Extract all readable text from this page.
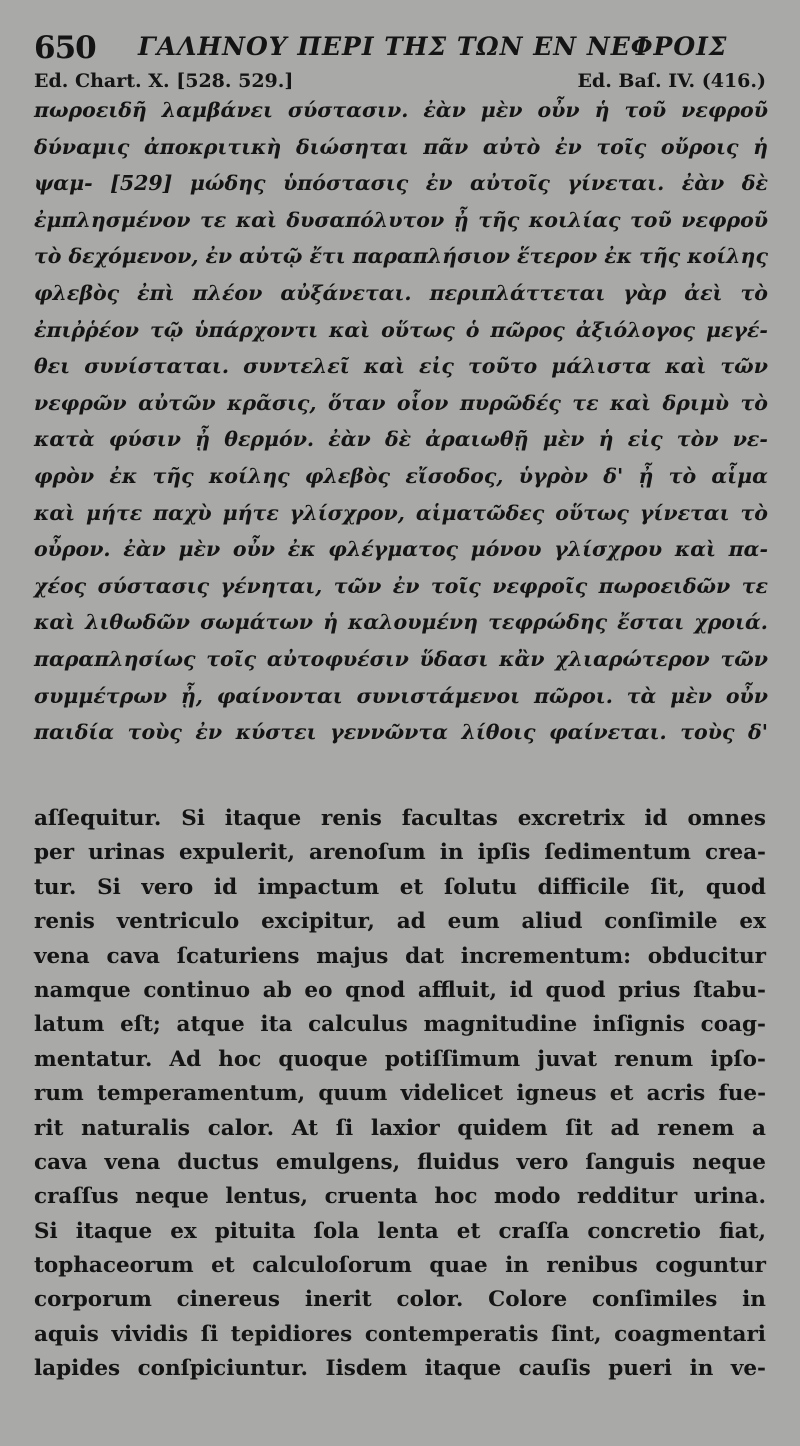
650 ΓΑΛΗΝΟΥ ΠΕΡΙ ΤΗΣ ΤΩΝ ΕΝ ΝΕΦΡΟΙΣ
Ed. Chart. X. [528. 529.]	Ed. Baſ. IV. (416.)
πωροειδῆ λαμβάνει σύστασιν. ἐὰν μὲν οὖν ἡ τοῦ νεφροῦ
δύναμις ἀποκριτικὴ διώσηται πᾶν αὐτὸ ἐν τοῖς οὔροις ἡ
ψαμ- [529] μώδης ὑπόστασις ἐν αὐτοῖς γίνεται. ἐὰν δὲ
ἐμπλησμένον τε καὶ δυσαπόλυτον ᾖ τῆς κοιλίας τοῦ νεφροῦ
τὸ δεχόμενον, ἐν αὐτῷ ἔτι παραπλήσιον ἕτερον ἐκ τῆς κοίλης
φλεβὸς ἐπὶ πλέον αὐξάνεται. περιπλάττεται γὰρ ἀεὶ τὸ
ἐπιῤῥέον τῷ ὑπάρχοντι καὶ οὕτως ὁ πῶρος ἀξιόλογος μεγέ-
θει συνίσταται. συντελεῖ καὶ εἰς τοῦτο μάλιστα καὶ τῶν
νεφρῶν αὐτῶν κρᾶσις, ὅταν οἷον πυρῶδές τε καὶ δριμὺ τὸ
κατὰ φύσιν ᾖ θερμόν. ἐὰν δὲ ἀραιωθῇ μὲν ἡ εἰς τὸν νε-
φρὸν ἐκ τῆς κοίλης φλεβὸς εἴσοδος, ὑγρὸν δ' ᾖ τὸ αἷμα
καὶ μήτε παχὺ μήτε γλίσχρον, αἱματῶδες οὕτως γίνεται τὸ
οὖρον. ἐὰν μὲν οὖν ἐκ φλέγματος μόνου γλίσχρου καὶ πα-
χέος σύστασις γένηται, τῶν ἐν τοῖς νεφροῖς πωροειδῶν τε
καὶ λιθωδῶν σωμάτων ἡ καλουμένη τεφρώδης ἔσται χροιά.
παραπλησίως τοῖς αὐτοφυέσιν ὕδασι κἂν χλιαρώτερον τῶν
συμμέτρων ᾖ, φαίνονται συνιστάμενοι πῶροι. τὰ μὲν οὖν
παιδία τοὺς ἐν κύστει γεννῶντα λίθοις φαίνεται. τοὺς δ'
aſſequitur. Si itaque renis facultas excretrix id omnes
per urinas expulerit, arenoſum in ipſis ſedimentum crea-
tur. Si vero id impactum et ſolutu difficile ſit, quod
renis ventriculo excipitur, ad eum aliud conſimile ex
vena cava ſcaturiens majus dat incrementum: obducitur
namque continuo ab eo qnod affluit, id quod prius ſtabu-
latum eſt; atque ita calculus magnitudine inſignis coag-
mentatur. Ad hoc quoque potiſſimum juvat renum ipſo-
rum temperamentum, quum videlicet igneus et acris fue-
rit naturalis calor. At ſi laxior quidem ſit ad renem a
cava vena ductus emulgens, fluidus vero ſanguis neque
craſſus neque lentus, cruenta hoc modo redditur urina.
Si itaque ex pituita ſola lenta et craſſa concretio fiat,
tophaceorum et calculoſorum quae in renibus coguntur
corporum cinereus inerit color. Colore conſimiles in
aquis vividis ſi tepidiores contemperatis ſint, coagmentari
lapides conſpiciuntur. Iisdem itaque cauſis pueri in ve-
